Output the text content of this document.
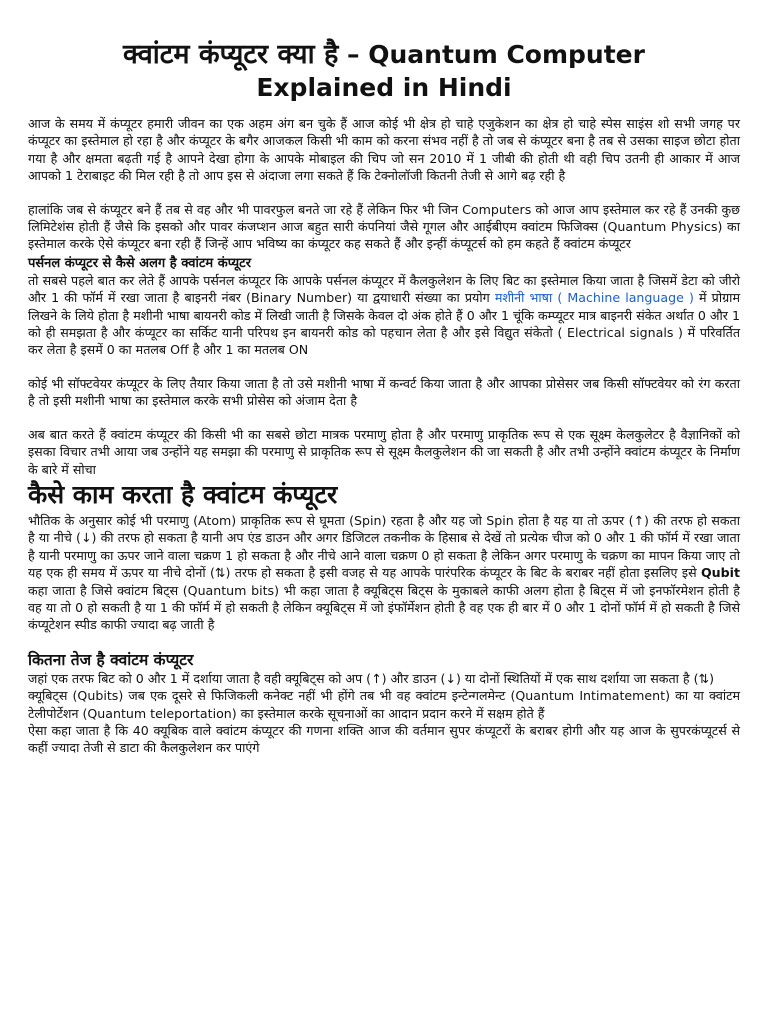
क्वांटम कंप्यूटर क्या है – Quantum Computer
Explained in Hindi

आज के समय में कंप्यूटर हमारी जीवन का एक अहम अंग बन चुके हैं आज कोई भी क्षेत्र हो चाहे एजुकेशन का क्षेत्र हो चाहे स्पेस साइंस शो सभी जगह पर कंप्यूटर का इस्तेमाल हो रहा है और कंप्यूटर के बगैर आजकल किसी भी काम को करना संभव नहीं है तो जब से कंप्यूटर बना है तब से उसका साइज छोटा होता गया है और क्षमता बढ़ती गई है आपने देखा होगा के आपके मोबाइल की चिप जो सन 2010 में 1 जीबी की होती थी वही चिप उतनी ही आकार में आज आपको 1 टेराबाइट की मिल रही है तो आप इस से अंदाजा लगा सकते हैं कि टेक्नोलॉजी कितनी तेजी से आगे बढ़ रही है

हालांकि जब से कंप्यूटर बने हैं तब से वह और भी पावरफुल बनते जा रहे हैं लेकिन फिर भी जिन Computers को आज आप इस्तेमाल कर रहे हैं उनकी कुछ लिमिटेशंस होती हैं जैसे कि इसको और पावर कंजप्शन आज बहुत सारी कंपनियां जैसे गूगल और आईबीएम क्वांटम फिजिक्स (Quantum Physics) का इस्तेमाल करके ऐसे कंप्यूटर बना रही हैं जिन्हें आप भविष्य का कंप्यूटर कह सकते हैं और इन्हीं कंप्यूटर्स को हम कहते हैं क्वांटम कंप्यूटर

पर्सनल कंप्यूटर से कैसे अलग है क्वांटम कंप्यूटर

तो सबसे पहले बात कर लेते हैं आपके पर्सनल कंप्यूटर कि आपके पर्सनल कंप्यूटर में कैलकुलेशन के लिए बिट का इस्तेमाल किया जाता है जिसमें डेटा को जीरो और 1 की फॉर्म में रखा जाता है बाइनरी नंबर (Binary Number) या द्वयाधारी संख्या का प्रयोग मशीनी भाषा ( Machine language ) में प्रोग्राम लिखने के लिये होता है मशीनी भाषा बायनरी कोड में लिखी जाती है जिसके केवल दो अंक होते हैं 0 और 1 चूंकि कम्प्यूटर मात्र बाइनरी संकेत अर्थात 0 और 1 को ही समझता है और कंप्यूटर का सर्किट यानी परिपथ इन बायनरी कोड को पहचान लेता है और इसे विद्युत संकेतो ( Electrical signals ) में परिवर्तित कर लेता है इसमें 0 का मतलब Off है और 1 का मतलब ON

कोई भी सॉफ्टवेयर कंप्यूटर के लिए तैयार किया जाता है तो उसे मशीनी भाषा में कन्वर्ट किया जाता है और आपका प्रोसेसर जब किसी सॉफ्टवेयर को रंग करता है तो इसी मशीनी भाषा का इस्तेमाल करके सभी प्रोसेस को अंजाम देता है

अब बात करते हैं क्वांटम कंप्यूटर की किसी भी का सबसे छोटा मात्रक परमाणु होता है और परमाणु प्राकृतिक रूप से एक सूक्ष्म केलकुलेटर है वैज्ञानिकों को इसका विचार तभी आया जब उन्होंने यह समझा की परमाणु से प्राकृतिक रूप से सूक्ष्म कैलकुलेशन की जा सकती है और तभी उन्होंने क्वांटम कंप्यूटर के निर्माण के बारे में सोचा

कैसे काम करता है क्वांटम कंप्यूटर

भौतिक के अनुसार कोई भी परमाणु (Atom) प्राकृतिक रूप से घूमता (Spin) रहता है और यह जो Spin होता है यह या तो ऊपर (↑) की तरफ हो सकता है या नीचे (↓) की तरफ हो सकता है यानी अप एंड डाउन और अगर डिजिटल तकनीक के हिसाब से देखें तो प्रत्येक चीज को 0 और 1 की फॉर्म में रखा जाता है यानी परमाणु का ऊपर जाने वाला चक्रण 1 हो सकता है और नीचे आने वाला चक्रण 0 हो सकता है लेकिन अगर परमाणु के चक्रण का मापन किया जाए तो यह एक ही समय में ऊपर या नीचे दोनों (⇅) तरफ हो सकता है इसी वजह से यह आपके पारंपरिक कंप्यूटर के बिट के बराबर नहीं होता इसलिए इसे Qubit कहा जाता है जिसे क्वांटम बिट्स (Quantum bits) भी कहा जाता है क्यूबिट्स बिट्स के मुकाबले काफी अलग होता है बिट्स में जो इनफॉरमेशन होती है वह या तो 0 हो सकती है या 1 की फॉर्म में हो सकती है लेकिन क्यूबिट्स में जो इंफॉर्मेशन होती है वह एक ही बार में 0 और 1 दोनों फॉर्म में हो सकती है जिसे कंप्यूटेशन स्पीड काफी ज्यादा बढ़ जाती है

कितना तेज है क्वांटम कंप्यूटर

जहां एक तरफ बिट को 0 और 1 में दर्शाया जाता है वही क्यूबिट्स को अप (↑) और डाउन (↓) या दोनों स्थितियों में एक साथ दर्शाया जा सकता है (⇅)

क्यूबिट्स (Qubits) जब एक दूसरे से फिजिकली कनेक्ट नहीं भी होंगे तब भी वह क्वांटम इन्टेन्गलमेन्ट (Quantum Intimatement) का या क्वांटम टेलीपोर्टेशन (Quantum teleportation) का इस्तेमाल करके सूचनाओं का आदान प्रदान करने में सक्षम होते हैं

ऐसा कहा जाता है कि 40 क्यूबिक वाले क्वांटम कंप्यूटर की गणना शक्ति आज की वर्तमान सुपर कंप्यूटरों के बराबर होगी और यह आज के सुपरकंप्यूटर्स से कहीं ज्यादा तेजी से डाटा की कैलकुलेशन कर पाएंगे
